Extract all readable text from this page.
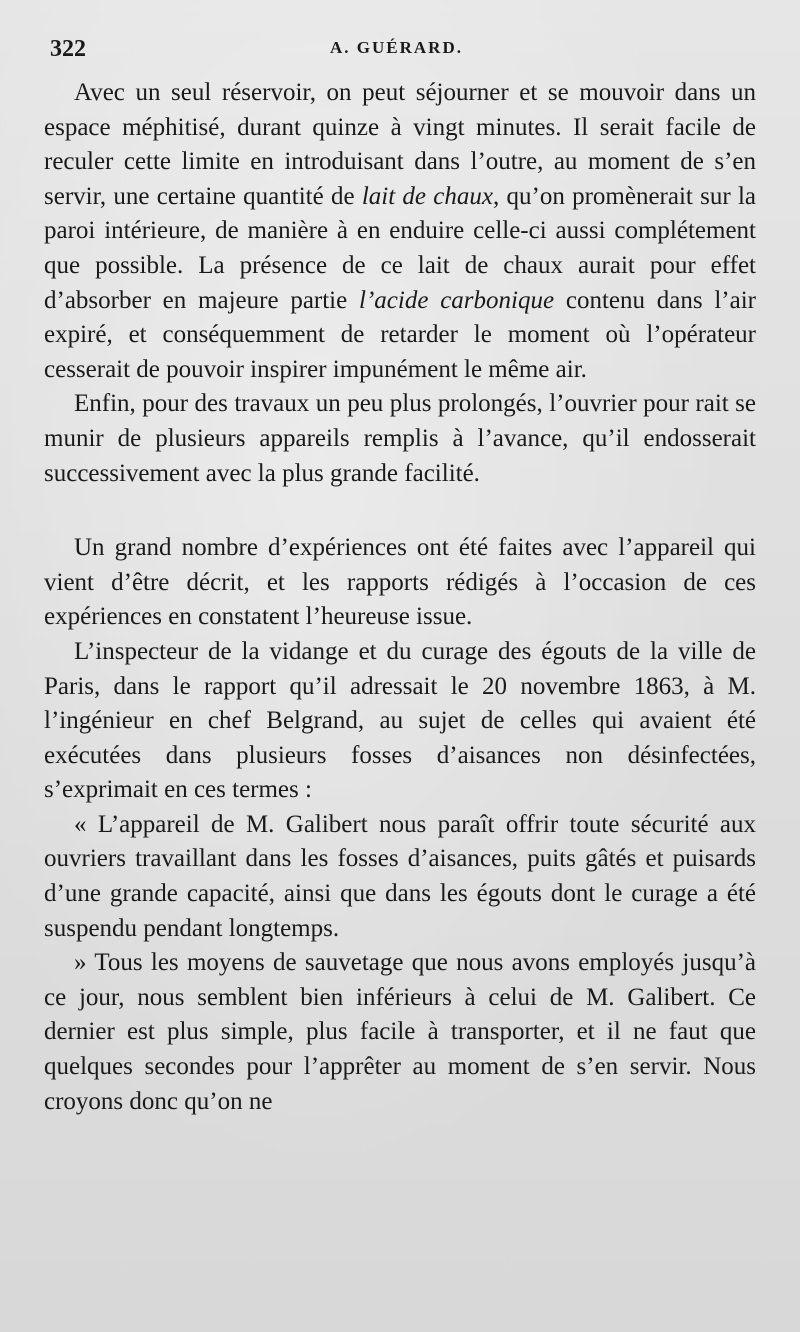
322	A. GUÉRARD.

Avec un seul réservoir, on peut séjourner et se mouvoir dans un espace méphitisé, durant quinze à vingt minutes. Il serait facile de reculer cette limite en introduisant dans l’outre, au moment de s’en servir, une certaine quantité de lait de chaux, qu’on promènerait sur la paroi intérieure, de manière à en enduire celle-ci aussi complétement que possible. La présence de ce lait de chaux aurait pour effet d’absorber en majeure partie l’acide carbonique contenu dans l’air expiré, et conséquemment de retarder le moment où l’opérateur cesserait de pouvoir inspirer impunément le même air.

Enfin, pour des travaux un peu plus prolongés, l’ouvrier pour rait se munir de plusieurs appareils remplis à l’avance, qu’il endosserait successivement avec la plus grande facilité.

Un grand nombre d’expériences ont été faites avec l’appareil qui vient d’être décrit, et les rapports rédigés à l’occasion de ces expériences en constatent l’heureuse issue.

L’inspecteur de la vidange et du curage des égouts de la ville de Paris, dans le rapport qu’il adressait le 20 novembre 1863, à M. l’ingénieur en chef Belgrand, au sujet de celles qui avaient été exécutées dans plusieurs fosses d’aisances non désinfectées, s’exprimait en ces termes :

« L’appareil de M. Galibert nous paraît offrir toute sécurité aux ouvriers travaillant dans les fosses d’aisances, puits gâtés et puisards d’une grande capacité, ainsi que dans les égouts dont le curage a été suspendu pendant longtemps.

» Tous les moyens de sauvetage que nous avons employés jusqu’à ce jour, nous semblent bien inférieurs à celui de M. Galibert. Ce dernier est plus simple, plus facile à transporter, et il ne faut que quelques secondes pour l’apprêter au moment de s’en servir. Nous croyons donc qu’on ne
